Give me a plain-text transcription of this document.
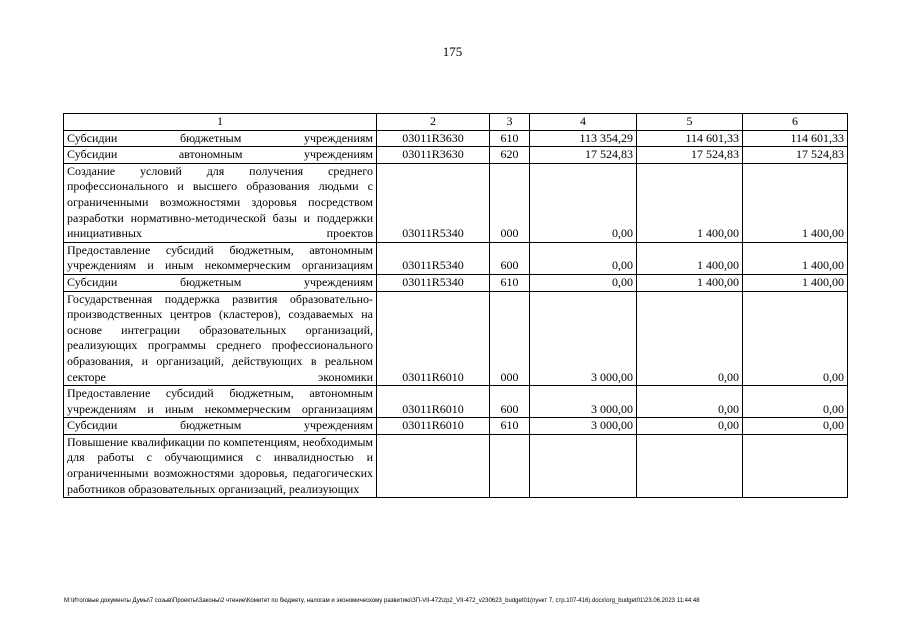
175
1	2	3	4	5	6
Субсидии бюджетным учреждениям	03011R3630	610	113 354,29	114 601,33	114 601,33
Субсидии автономным учреждениям	03011R3630	620	17 524,83	17 524,83	17 524,83
Создание условий для получения среднего профессионального и высшего образования людьми с ограниченными возможностями здоровья посредством разработки нормативно-методической базы и поддержки инициативных проектов	03011R5340	000	0,00	1 400,00	1 400,00
Предоставление субсидий бюджетным, автономным учреждениям и иным некоммерческим организациям	03011R5340	600	0,00	1 400,00	1 400,00
Субсидии бюджетным учреждениям	03011R5340	610	0,00	1 400,00	1 400,00
Государственная поддержка развития образовательно-производственных центров (кластеров), создаваемых на основе интеграции образовательных организаций, реализующих программы среднего профессионального образования, и организаций, действующих в реальном секторе экономики	03011R6010	000	3 000,00	0,00	0,00
Предоставление субсидий бюджетным, автономным учреждениям и иным некоммерческим организациям	03011R6010	600	3 000,00	0,00	0,00
Субсидии бюджетным учреждениям	03011R6010	610	3 000,00	0,00	0,00
Повышение квалификации по компетенциям, необходимым для работы с обучающимися с инвалидностью и ограниченными возможностями здоровья, педагогических работников образовательных организаций, реализующих					
M:\Итоговые документы Думы\7 созыв\Проекты\Законы\2 чтение\Комитет по бюджету, налогам и экономическому развитию\ЗП-VII-472\zp2_VII-472_v230623_budget01(пункт 7, стр.107-416).docx\org_budget01\23.06.2023 11:44:48
